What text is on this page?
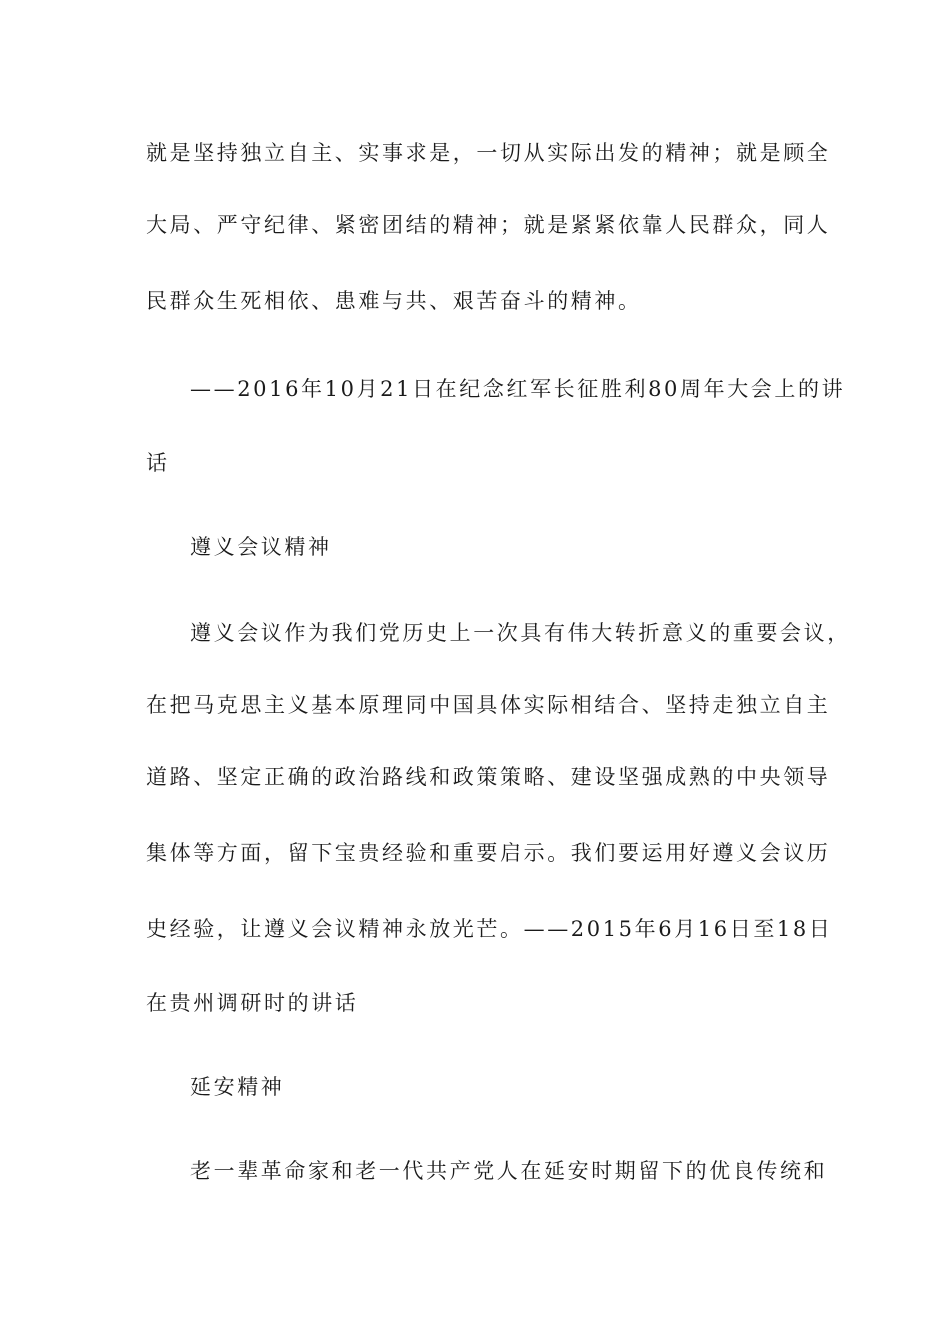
就是坚持独立自主、实事求是，一切从实际出发的精神；就是顾全
大局、严守纪律、紧密团结的精神；就是紧紧依靠人民群众，同人
民群众生死相依、患难与共、艰苦奋斗的精神。
——2016年10月21日在纪念红军长征胜利80周年大会上的讲
话
遵义会议精神
遵义会议作为我们党历史上一次具有伟大转折意义的重要会议，
在把马克思主义基本原理同中国具体实际相结合、坚持走独立自主
道路、坚定正确的政治路线和政策策略、建设坚强成熟的中央领导
集体等方面，留下宝贵经验和重要启示。我们要运用好遵义会议历
史经验，让遵义会议精神永放光芒。——2015年6月16日至18日
在贵州调研时的讲话
延安精神
老一辈革命家和老一代共产党人在延安时期留下的优良传统和
